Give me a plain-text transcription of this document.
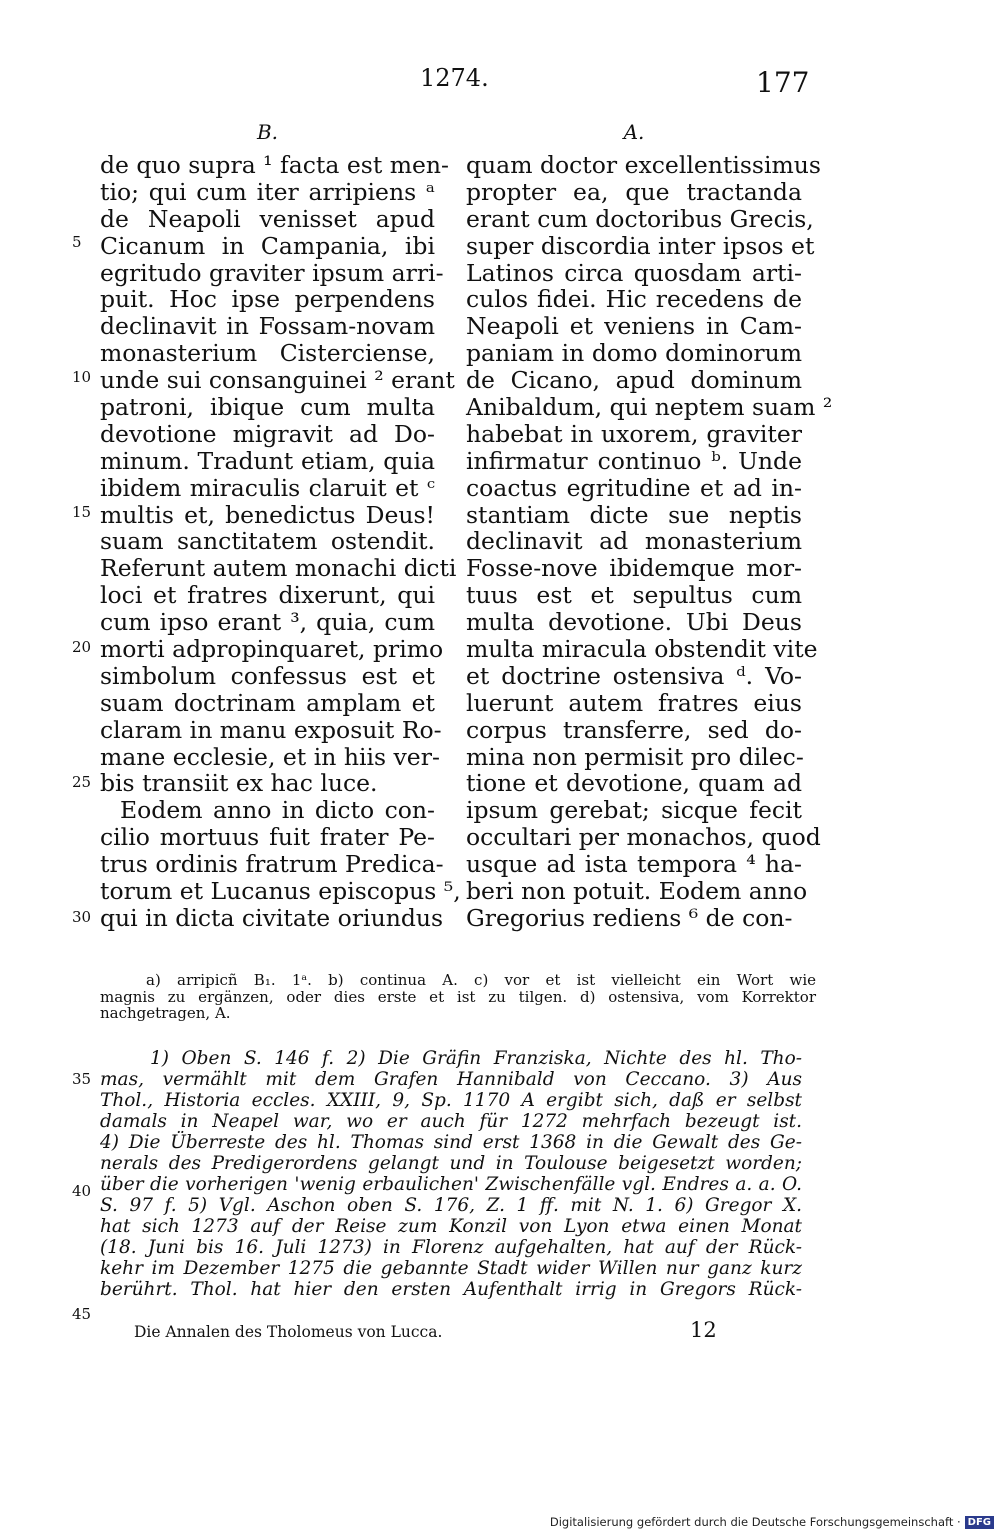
1274.	177
B.
de quo supra ¹ facta est men-
tio; qui cum iter arripiens ᵃ
de Neapoli venisset apud
Cicanum in Campania, ibi
egritudo graviter ipsum arri-
puit. Hoc ipse perpendens
declinavit in Fossam-novam
monasterium Cisterciense,
unde sui consanguinei ² erant
patroni, ibique cum multa
devotione migravit ad Do-
minum. Tradunt etiam, quia
ibidem miraculis claruit et ᶜ
multis et, benedictus Deus!
suam sanctitatem ostendit.
Referunt autem monachi dicti
loci et fratres dixerunt, qui
cum ipso erant ³, quia, cum
morti adpropinquaret, primo
simbolum confessus est et
suam doctrinam amplam et
claram in manu exposuit Ro-
mane ecclesie, et in hiis ver-
bis transiit ex hac luce.
Eodem anno in dicto con-
cilio mortuus fuit frater Pe-
trus ordinis fratrum Predica-
torum et Lucanus episcopus ⁵,
qui in dicta civitate oriundus
A.
quam doctor excellentissimus
propter ea, que tractanda
erant cum doctoribus Grecis,
super discordia inter ipsos et
Latinos circa quosdam arti-
culos fidei. Hic recedens de
Neapoli et veniens in Cam-
paniam in domo dominorum
de Cicano, apud dominum
Anibaldum, qui neptem suam ²
habebat in uxorem, graviter
infirmatur continuo ᵇ. Unde
coactus egritudine et ad in-
stantiam dicte sue neptis
declinavit ad monasterium
Fosse-nove ibidemque mor-
tuus est et sepultus cum
multa devotione. Ubi Deus
multa miracula obstendit vite
et doctrine ostensiva ᵈ. Vo-
luerunt autem fratres eius
corpus transferre, sed do-
mina non permisit pro dilec-
tione et devotione, quam ad
ipsum gerebat; sicque fecit
occultari per monachos, quod
usque ad ista tempora ⁴ ha-
beri non potuit. Eodem anno
Gregorius rediens ⁶ de con-
5
10
15
20
25
30
35
40
45
a) arripicñ B₁. 1ᵃ. b) continua A. c) vor et ist vielleicht ein Wort wie
magnis zu ergänzen, oder dies erste et ist zu tilgen. d) ostensiva, vom Korrektor
nachgetragen, A.
1) Oben S. 146 f. 2) Die Gräfin Franziska, Nichte des hl. Tho-
mas, vermählt mit dem Grafen Hannibald von Ceccano. 3) Aus
Thol., Historia eccles. XXIII, 9, Sp. 1170 A ergibt sich, daß er selbst
damals in Neapel war, wo er auch für 1272 mehrfach bezeugt ist.
4) Die Überreste des hl. Thomas sind erst 1368 in die Gewalt des Ge-
nerals des Predigerordens gelangt und in Toulouse beigesetzt worden;
über die vorherigen 'wenig erbaulichen' Zwischenfälle vgl. Endres a. a. O.
S. 97 f. 5) Vgl. Aschon oben S. 176, Z. 1 ff. mit N. 1. 6) Gregor X.
hat sich 1273 auf der Reise zum Konzil von Lyon etwa einen Monat
(18. Juni bis 16. Juli 1273) in Florenz aufgehalten, hat auf der Rück-
kehr im Dezember 1275 die gebannte Stadt wider Willen nur ganz kurz
berührt. Thol. hat hier den ersten Aufenthalt irrig in Gregors Rück-
Die Annalen des Tholomeus von Lucca.	12
Digitalisierung gefördert durch die Deutsche Forschungsgemeinschaft · DFG
